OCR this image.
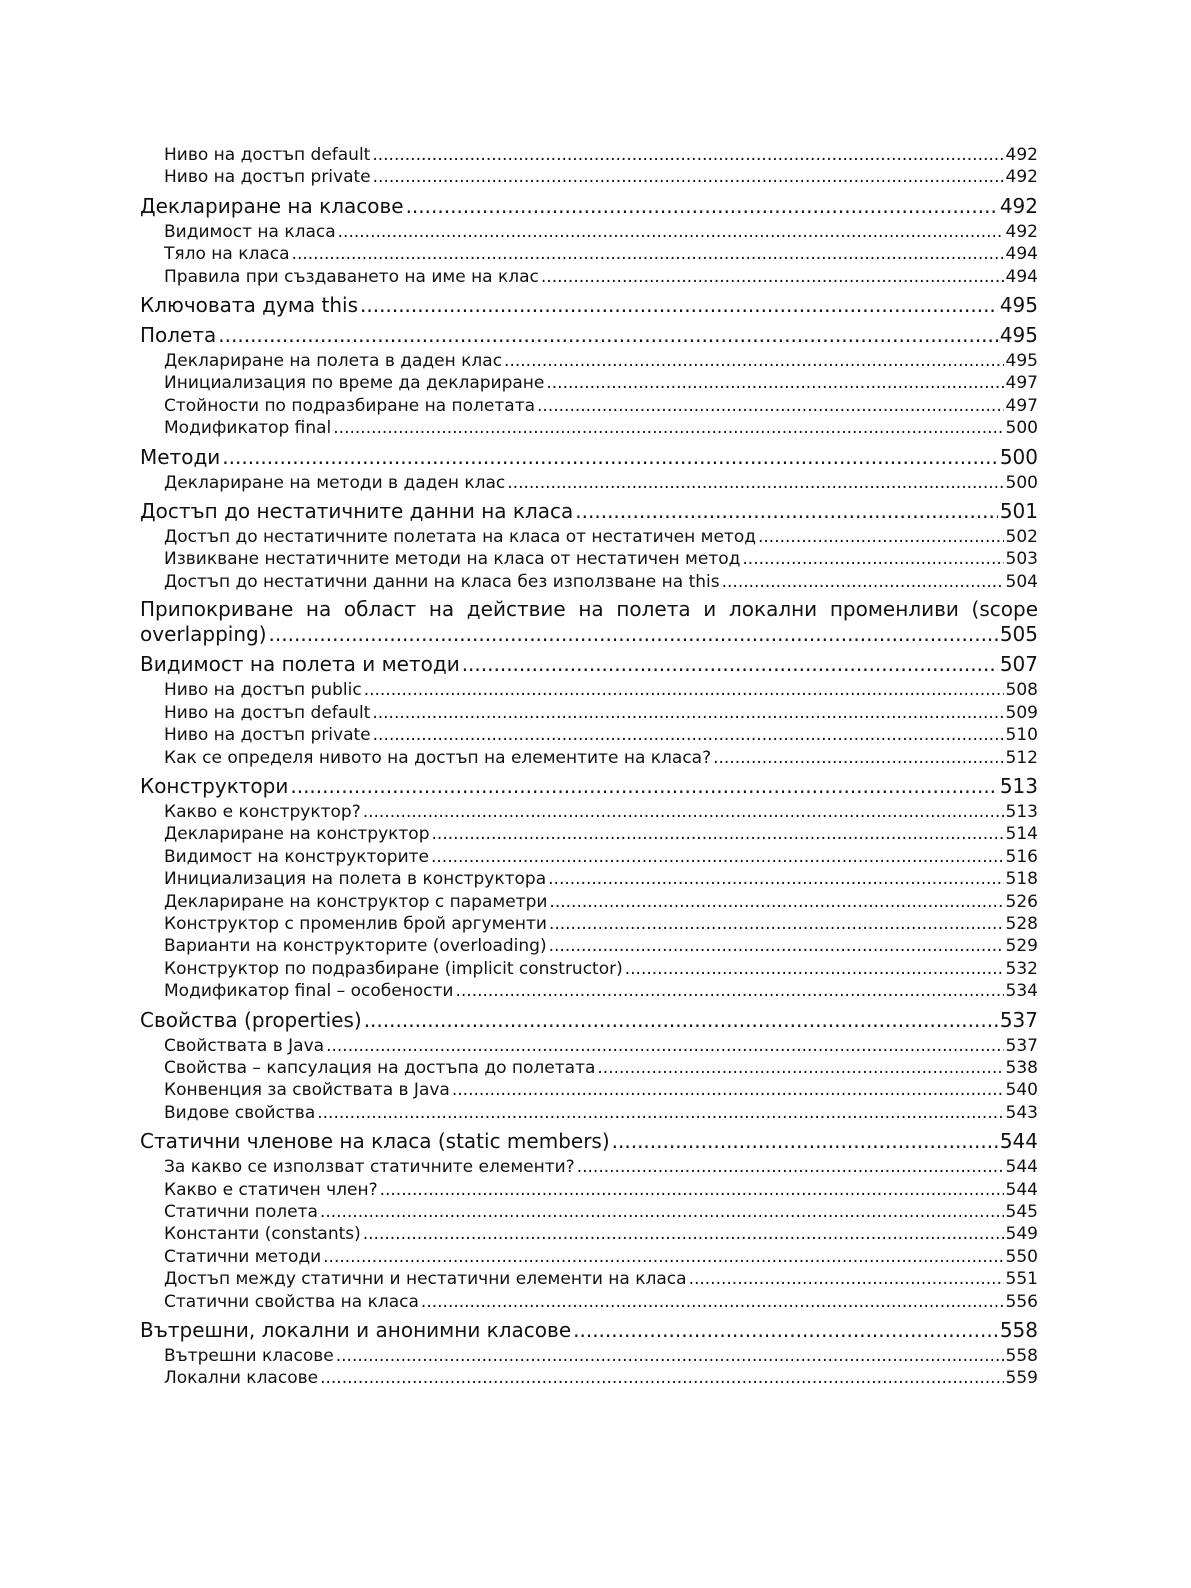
Ниво на достъп default .....	492
Ниво на достъп private .....	492
Деклариране на класове .....	492
Видимост на класа .....	492
Тяло на класа .....	494
Правила при създаването на име на клас .....	494
Ключовата дума this .....	495
Полета .....	495
Деклариране на полета в даден клас .....	495
Инициализация по време да деклариране .....	497
Стойности по подразбиране на полетата .....	497
Модификатор final .....	500
Методи .....	500
Деклариране на методи в даден клас .....	500
Достъп до нестатичните данни на класа .....	501
Достъп до нестатичните полетата на класа от нестатичен метод .....	502
Извикване нестатичните методи на класа от нестатичен метод .....	503
Достъп до нестатични данни на класа без използване на this .....	504
Припокриване на област на действие на полета и локални променливи (scope
overlapping) .....	505
Видимост на полета и методи .....	507
Ниво на достъп public .....	508
Ниво на достъп default .....	509
Ниво на достъп private .....	510
Как се определя нивото на достъп на елементите на класа? .....	512
Конструктори .....	513
Какво е конструктор? .....	513
Деклариране на конструктор .....	514
Видимост на конструкторите .....	516
Инициализация на полета в конструктора .....	518
Деклариране на конструктор с параметри .....	526
Конструктор с променлив брой аргументи .....	528
Варианти на конструкторите (overloading) .....	529
Конструктор по подразбиране (implicit constructor) .....	532
Модификатор final – особености .....	534
Свойства (properties) .....	537
Свойствата в Java .....	537
Свойства – капсулация на достъпа до полетата .....	538
Конвенция за свойствата в Java .....	540
Видове свойства .....	543
Статични членове на класа (static members) .....	544
За какво се използват статичните елементи? .....	544
Какво е статичен член? .....	544
Статични полета .....	545
Константи (constants) .....	549
Статични методи .....	550
Достъп между статични и нестатични елементи на класа .....	551
Статични свойства на класа .....	556
Вътрешни, локални и анонимни класове .....	558
Вътрешни класове .....	558
Локални класове .....	559
